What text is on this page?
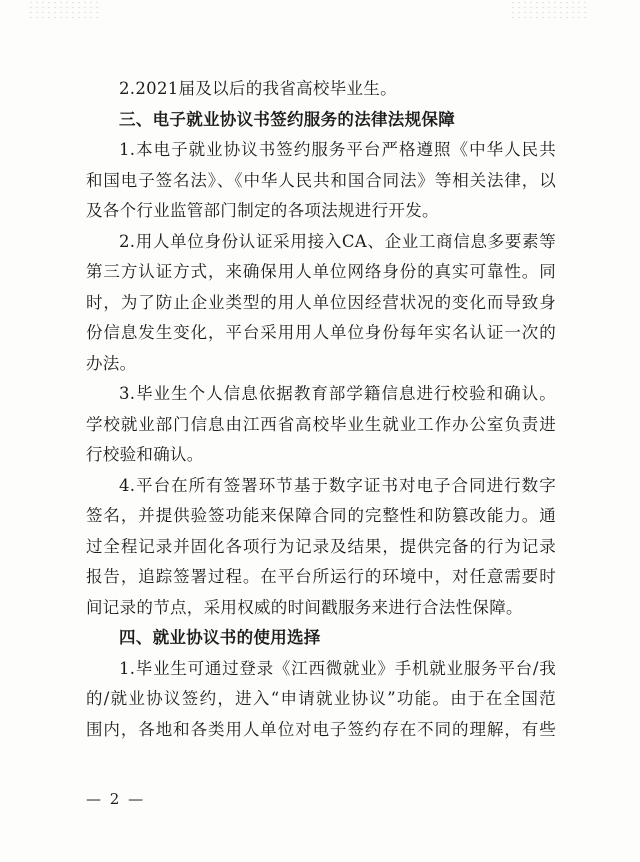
2.2021届及以后的我省高校毕业生。
三、电子就业协议书签约服务的法律法规保障
1.本电子就业协议书签约服务平台严格遵照《中华人民共
和国电子签名法》、《中华人民共和国合同法》等相关法律，以
及各个行业监管部门制定的各项法规进行开发。
2.用人单位身份认证采用接入CA、企业工商信息多要素等
第三方认证方式，来确保用人单位网络身份的真实可靠性。同
时，为了防止企业类型的用人单位因经营状况的变化而导致身
份信息发生变化，平台采用用人单位身份每年实名认证一次的
办法。
3.毕业生个人信息依据教育部学籍信息进行校验和确认。
学校就业部门信息由江西省高校毕业生就业工作办公室负责进
行校验和确认。
4.平台在所有签署环节基于数字证书对电子合同进行数字
签名，并提供验签功能来保障合同的完整性和防篡改能力。通
过全程记录并固化各项行为记录及结果，提供完备的行为记录
报告，追踪签署过程。在平台所运行的环境中，对任意需要时
间记录的节点，采用权威的时间戳服务来进行合法性保障。
四、就业协议书的使用选择
1.毕业生可通过登录《江西微就业》手机就业服务平台/我
的/就业协议签约，进入“申请就业协议”功能。由于在全国范
围内，各地和各类用人单位对电子签约存在不同的理解，有些
— 2 —
